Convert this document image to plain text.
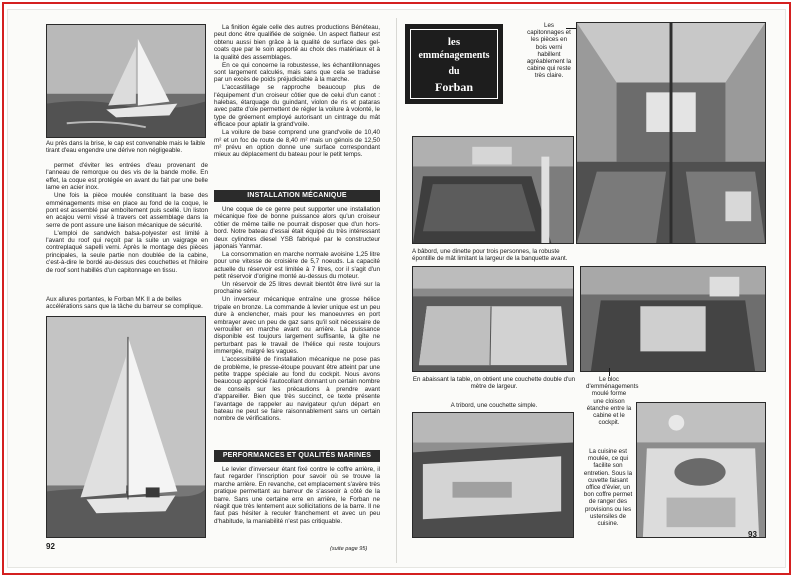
Au près dans la brise, le cap est convenable mais le faible tirant d'eau engendre une dérive non négligeable.

permet d'éviter les entrées d'eau provenant de l'anneau de remorque ou des vis de la bande molle. En effet, la coque est protégée en avant du fait par une belle lame en acier inox.

Une fois la pièce moulée constituant la base des emménagements mise en place au fond de la coque, le pont est assemblé par emboîtement puis scellé. Un liston en acajou verni vissé à travers cet assemblage dans la serre de pont assure une liaison mécanique de sécurité.

L'emploi de sandwich balsa-polyester est limité à l'avant du roof qui reçoit par la suite un vaigrage en contreplaqué sapelli verni. Après le montage des pièces principales, la seule partie non doublée de la cabine, c'est-à-dire le bordé au-dessus des couchettes et l'hiloire de roof sont habillés d'un capitonnage en tissu.

Aux allures portantes, le Forban MK II a de belles accélérations sans que la tâche du barreur se complique.

La finition égale celle des autres productions Bénéteau, peut donc être qualifiée de soignée. Un aspect flatteur est obtenu aussi bien grâce à la qualité de surface des gel-coats que par le soin apporté au choix des matériaux et à la qualité des assemblages.

En ce qui concerne la robustesse, les échantillonnages sont largement calculés, mais sans que cela se traduise par un excès de poids préjudiciable à la marche.

L'accastillage se rapproche beaucoup plus de l'équipement d'un croiseur côtier que de celui d'un canot : halebas, étarquage du guindant, violon de ris et pataras avec patte d'oie permettent de régler la voilure à volonté, le type de gréement employé autorisant un cintrage du mât efficace pour aplatir la grand'voile.

La voilure de base comprend une grand'voile de 10,40 m² et un foc de route de 8,40 m² mais un génois de 12,50 m² prévu en option donne une surface correspondant mieux au déplacement du bateau pour le petit temps.

INSTALLATION MÉCANIQUE

Une coque de ce genre peut supporter une installation mécanique fixe de bonne puissance alors qu'un croiseur côtier de même taille ne pourrait disposer que d'un hors-bord. Notre bateau d'essai était équipé du très intéressant deux cylindres diesel YSB fabriqué par le constructeur japonais Yanmar.

La consommation en marche normale avoisine 1,25 litre pour une vitesse de croisière de 5,7 noeuds. La capacité actuelle du réservoir est limitée à 7 litres, cor il s'agit d'un petit réservoir d'origine monté au-dessus du moteur.

Un réservoir de 25 litres devrait bientôt être livré sur la prochaine série.

Un inverseur mécanique entraîne une grosse hélice tripale en bronze. La commande à levier unique est un peu dure à enclencher, mais pour les manoeuvres en port embrayer avec un peu de gaz sans qu'il soit nécessaire de verrouiller en marche avant ou arrière. La puissance disponible est toujours largement suffisante, la gîte ne perturbant pas le travail de l'hélice qui reste toujours immergée, malgré les vagues.

L'accessibilité de l'installation mécanique ne pose pas de problème, le presse-étoupe pouvant être atteint par une petite trappe spéciale au fond du cockpit. Nous avons beaucoup apprécié l'autocollant donnant un certain nombre de conseils sur les précautions à prendre avant d'appareiller. Bien que très succinct, ce texte présente l'avantage de rappeler au navigateur qu'un départ en bateau ne peut se faire raisonnablement sans un certain nombre de vérifications.

PERFORMANCES ET QUALITÉS MARINES

Le levier d'inverseur étant fixé contre le coffre arrière, il faut regarder l'inscription pour savoir où se trouve la marche arrière. En revanche, cet emplacement s'avère très pratique permettant au barreur de s'asseoir à côté de la barre. Sans une certaine erre en arrière, le Forban ne réagit que très lentement aux sollicitations de la barre. Il ne faut pas hésiter à reculer franchement et avec un peu d'habitude, la maniabilité n'est pas critiquable.

92	(suite page 95)
les
emménagements
du
Forban
Les capitonnages et les pièces en bois verni habillent agréablement la cabine qui reste très claire.
A bâbord, une dinette pour trois personnes, la robuste épontille de mât limitant la largeur de la banquette avant.
En abaissant la table, on obtient une couchette double d'un mètre de largeur.
Le bloc d'emménagements moulé forme une cloison étanche entre la cabine et le cockpit.
A tribord, une couchette simple.
La cuisine est moulée, ce qui facilite son entretien. Sous la cuvette faisant office d'évier, un bon coffre permet de ranger des provisions ou les ustensiles de cuisine.
93
